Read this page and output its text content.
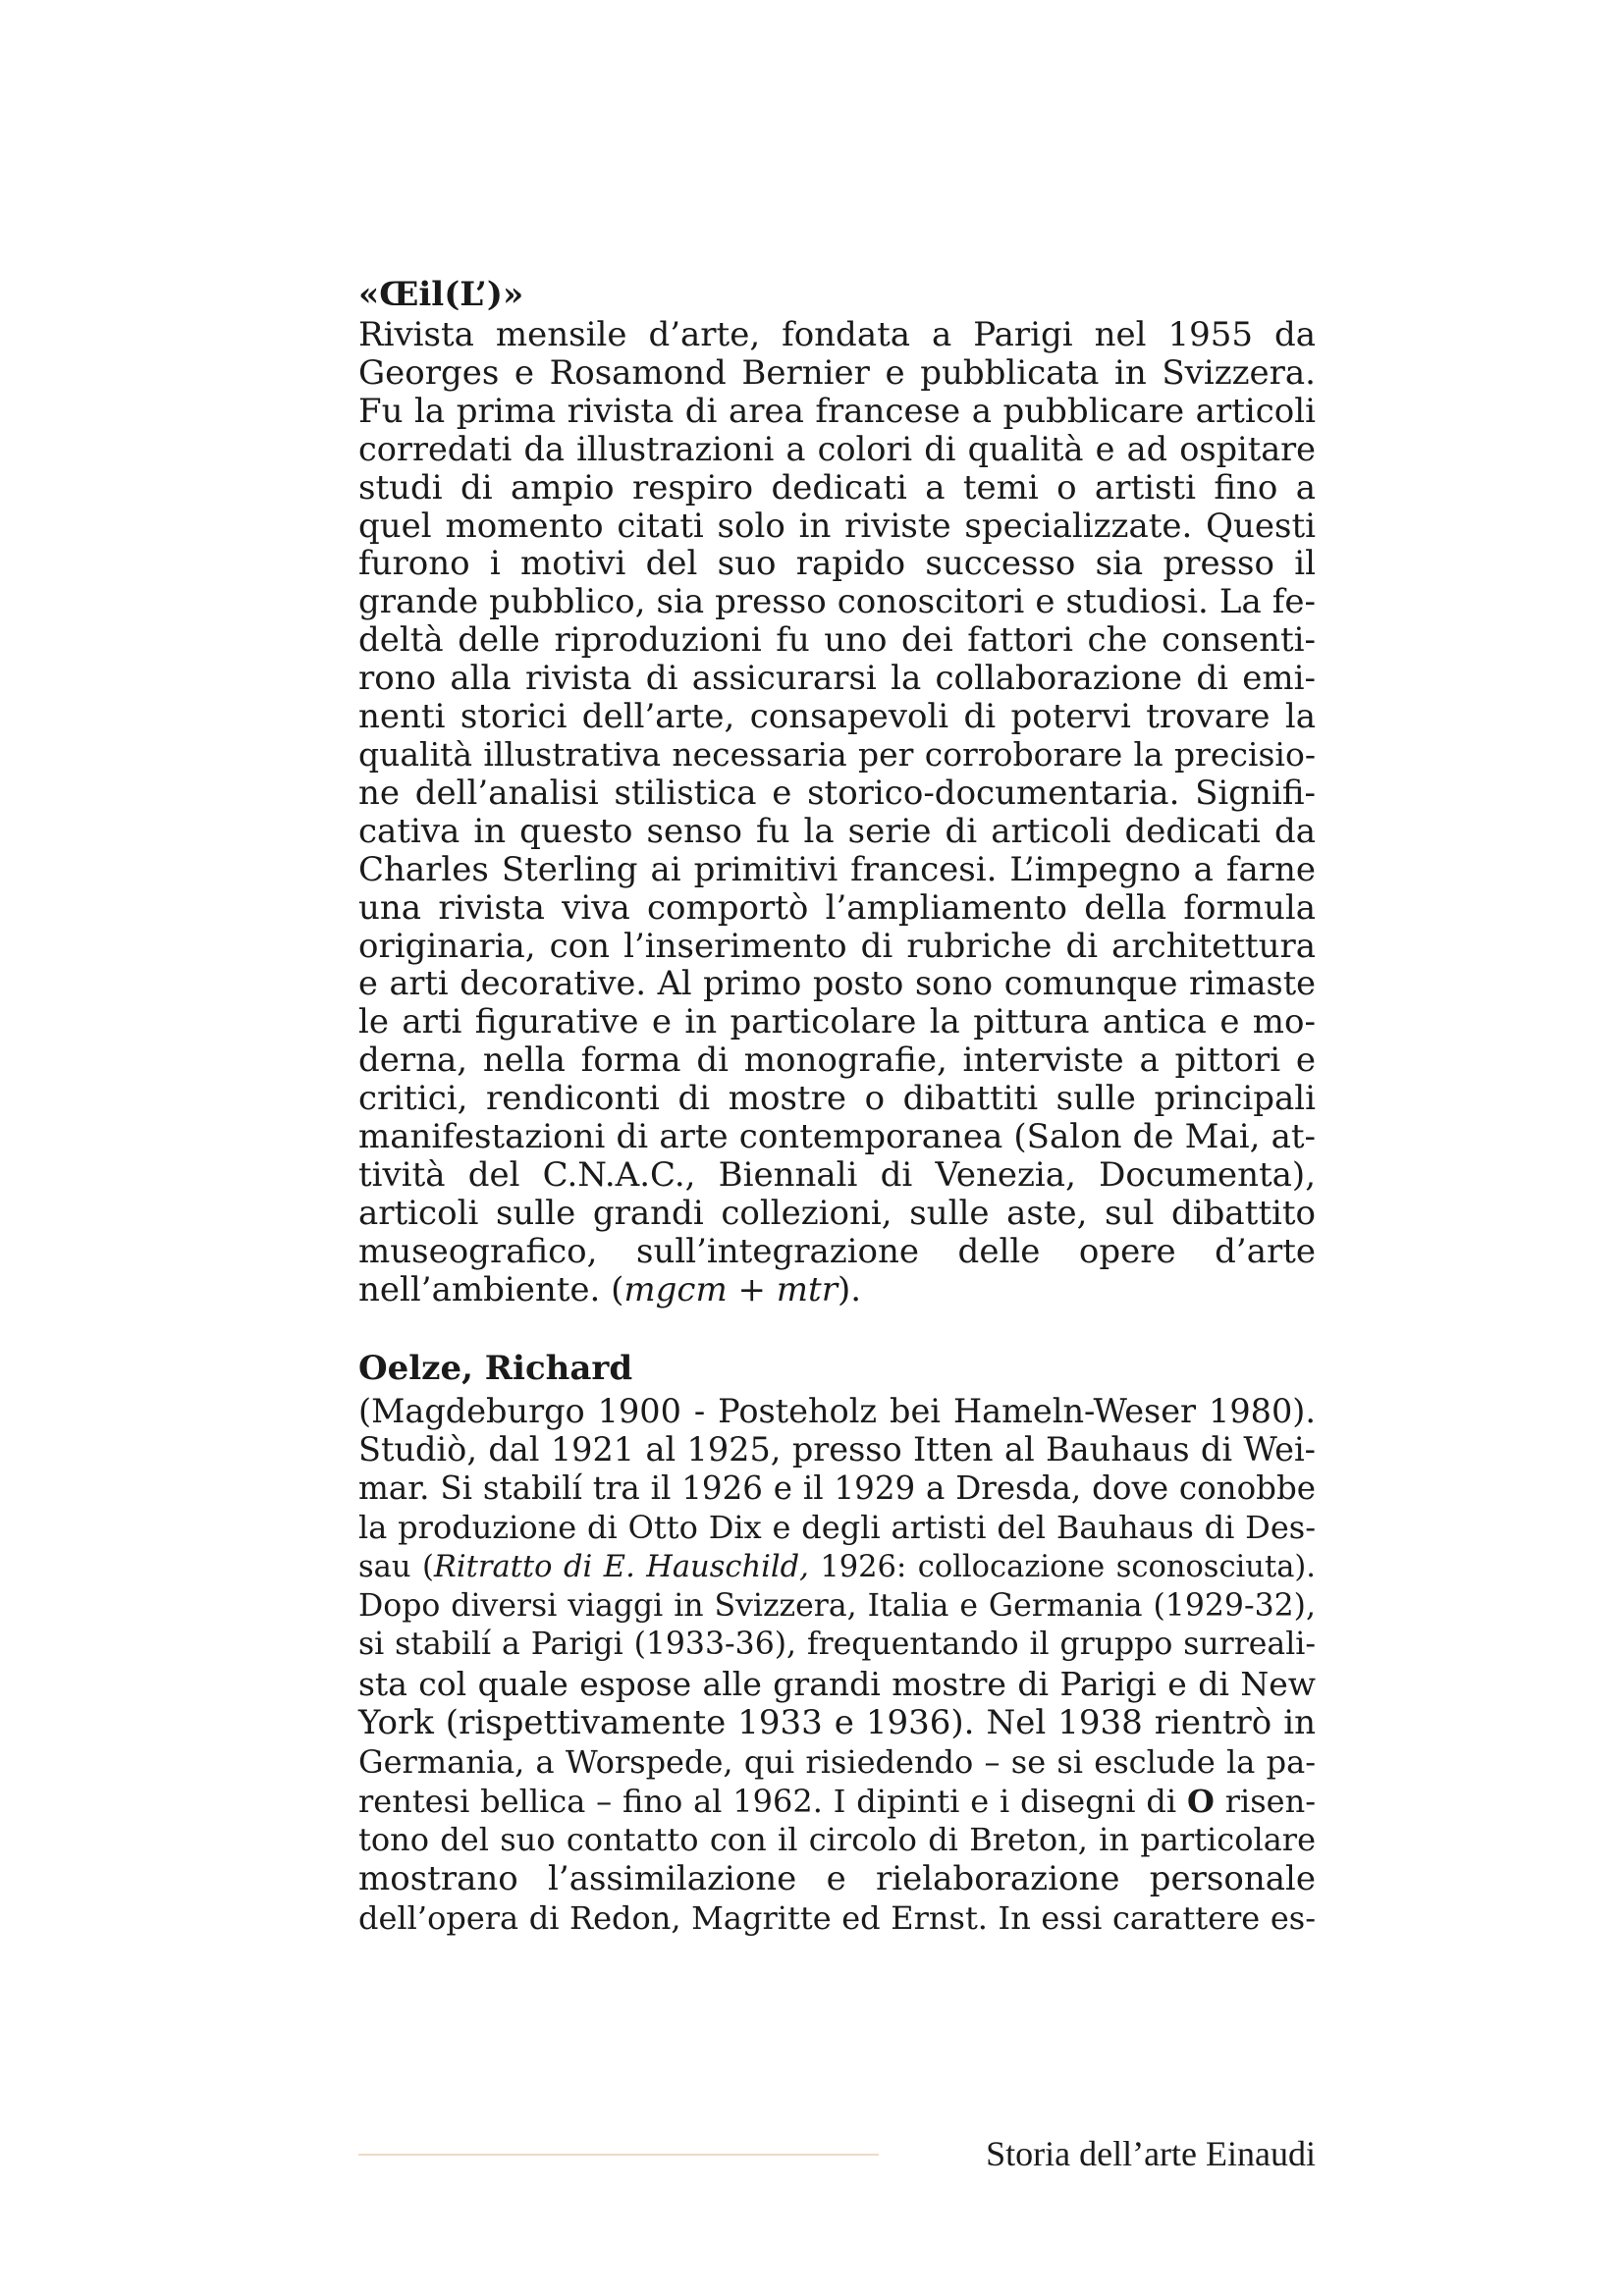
«Œil(L’)»
Rivista mensile d’arte, fondata a Parigi nel 1955 da
Georges e Rosamond Bernier e pubblicata in Svizzera.
Fu la prima rivista di area francese a pubblicare articoli
corredati da illustrazioni a colori di qualità e ad ospitare
studi di ampio respiro dedicati a temi o artisti fino a
quel momento citati solo in riviste specializzate. Questi
furono i motivi del suo rapido successo sia presso il
grande pubblico, sia presso conoscitori e studiosi. La fe-
deltà delle riproduzioni fu uno dei fattori che consenti-
rono alla rivista di assicurarsi la collaborazione di emi-
nenti storici dell’arte, consapevoli di potervi trovare la
qualità illustrativa necessaria per corroborare la precisio-
ne dell’analisi stilistica e storico-documentaria. Signifi-
cativa in questo senso fu la serie di articoli dedicati da
Charles Sterling ai primitivi francesi. L’impegno a farne
una rivista viva comportò l’ampliamento della formula
originaria, con l’inserimento di rubriche di architettura
e arti decorative. Al primo posto sono comunque rimaste
le arti figurative e in particolare la pittura antica e mo-
derna, nella forma di monografie, interviste a pittori e
critici, rendiconti di mostre o dibattiti sulle principali
manifestazioni di arte contemporanea (Salon de Mai, at-
tività del C.N.A.C., Biennali di Venezia, Documenta),
articoli sulle grandi collezioni, sulle aste, sul dibattito
museografico, sull’integrazione delle opere d’arte
nell’ambiente. (mgcm + mtr).
Oelze, Richard
(Magdeburgo 1900 - Posteholz bei Hameln-Weser 1980).
Studiò, dal 1921 al 1925, presso Itten al Bauhaus di Wei-
mar. Si stabilí tra il 1926 e il 1929 a Dresda, dove conobbe
la produzione di Otto Dix e degli artisti del Bauhaus di Des-
sau (Ritratto di E. Hauschild, 1926: collocazione sconosciuta).
Dopo diversi viaggi in Svizzera, Italia e Germania (1929-32),
si stabilí a Parigi (1933-36), frequentando il gruppo surreali-
sta col quale espose alle grandi mostre di Parigi e di New
York (rispettivamente 1933 e 1936). Nel 1938 rientrò in
Germania, a Worspede, qui risiedendo – se si esclude la pa-
rentesi bellica – fino al 1962. I dipinti e i disegni di O risen-
tono del suo contatto con il circolo di Breton, in particolare
mostrano l’assimilazione e rielaborazione personale
dell’opera di Redon, Magritte ed Ernst. In essi carattere es-
Storia dell’arte Einaudi
